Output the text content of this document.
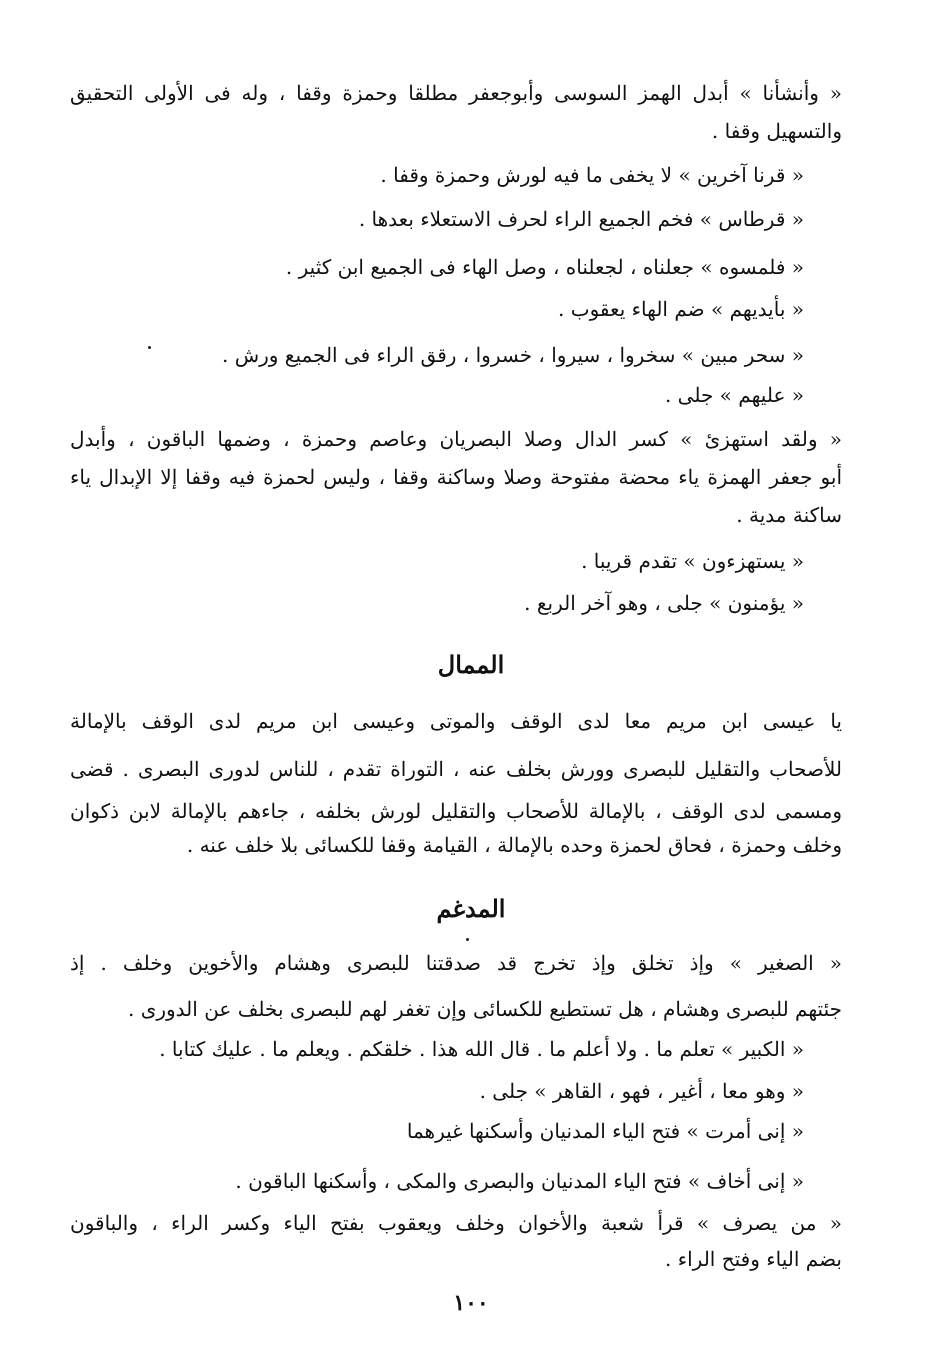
« وأنشأنا » أبدل الهمز السوسى وأبوجعفر مطلقا وحمزة وقفا ، وله فى الأولى التحقيق
والتسهيل وقفا .
« قرنا آخرين » لا يخفى ما فيه لورش وحمزة وقفا .
« قرطاس » فخم الجميع الراء لحرف الاستعلاء بعدها .
« فلمسوه » جعلناه ، لجعلناه ، وصل الهاء فى الجميع ابن كثير .
« بأيديهم » ضم الهاء يعقوب .
« سحر مبين » سخروا ، سيروا ، خسروا ، رقق الراء فى الجميع ورش .
« عليهم » جلى .
« ولقد استهزئ » كسر الدال وصلا البصريان وعاصم وحمزة ، وضمها الباقون ، وأبدل
أبو جعفر الهمزة ياء محضة مفتوحة وصلا وساكنة وقفا ، وليس لحمزة فيه وقفا إلا الإبدال ياء
ساكنة مدية .
« يستهزءون » تقدم قريبا .
« يؤمنون » جلى ، وهو آخر الربع .
الممال
يا عيسى ابن مريم معا لدى الوقف والموتى وعيسى ابن مريم لدى الوقف بالإمالة
للأصحاب والتقليل للبصرى وورش بخلف عنه ، التوراة تقدم ، للناس لدورى البصرى . قضى
ومسمى لدى الوقف ، بالإمالة للأصحاب والتقليل لورش بخلفه ، جاءهم بالإمالة لابن ذكوان
وخلف وحمزة ، فحاق لحمزة وحده بالإمالة ، القيامة وقفا للكسائى بلا خلف عنه .
المدغم
« الصغير » وإذ تخلق وإذ تخرج قد صدقتنا للبصرى وهشام والأخوين وخلف . إذ
جئتهم للبصرى وهشام ، هل تستطيع للكسائى وإن تغفر لهم للبصرى بخلف عن الدورى .
« الكبير » تعلم ما . ولا أعلم ما . قال الله هذا . خلقكم . ويعلم ما . عليك كتابا .
« وهو معا ، أغير ، فهو ، القاهر » جلى .
« إنى أمرت » فتح الياء المدنيان وأسكنها غيرهما
« إنى أخاف » فتح الياء المدنيان والبصرى والمكى ، وأسكنها الباقون .
« من يصرف » قرأ شعبة والأخوان وخلف ويعقوب بفتح الياء وكسر الراء ، والباقون
بضم الياء وفتح الراء .
١٠٠
